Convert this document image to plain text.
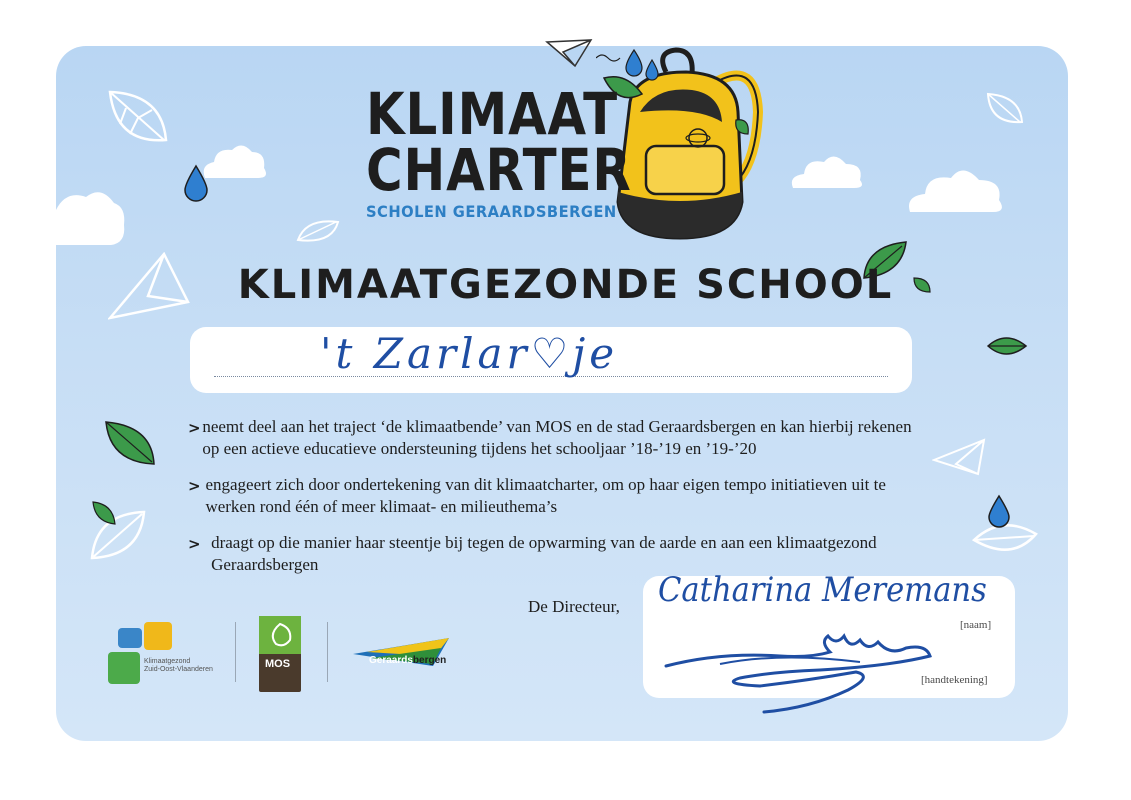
KLIMAAT
CHARTER
SCHOLEN GERAARDSBERGEN
KLIMAATGEZONDE SCHOOL
't Zarlar♡je
> neemt deel aan het traject ‘de klimaatbende’ van MOS en de stad Geraardsbergen en kan hierbij rekenen op een actieve educatieve ondersteuning tijdens het schooljaar ’18-’19 en ’19-’20
> engageert zich door ondertekening van dit klimaatcharter, om op haar eigen tempo initiatieven uit te werken rond één of meer klimaat- en milieuthema’s
> draagt op die manier haar steentje bij tegen de opwarming van de aarde en aan een klimaatgezond Geraardsbergen
De Directeur, Catharina Meremans
[naam]
[handtekening]
Klimaatgezond
Zuid-Oost-Vlaanderen	MOS	Geraardsbergen
